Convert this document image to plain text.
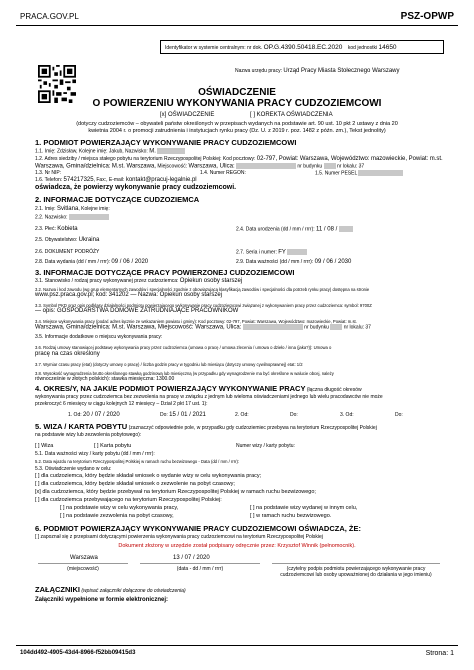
PRACA.GOV.PL	PSZ-OPWP
Identyfikator w systemie centralnym: nr dok. OP.G.4390.50418.EC.2020 kod jednostki 14650
Nazwa urzędu pracy: Urząd Pracy Miasta Stołecznego Warszawy
OŚWIADCZENIE
O POWIERZENIU WYKONYWANIA PRACY CUDZOZIEMCOWI
[x] OŚWIADCZENIE	[ ] KOREKTA OŚWIADCZENIA
(dotyczy cudzoziemców – obywateli państw określonych w przepisach wydanych na podstawie art. 90 ust. 10 pkt 2 ustawy z dnia 20
kwietnia 2004 r. o promocji zatrudnienia i instytucjach rynku pracy (Dz. U. z 2019 r. poz. 1482 z późn. zm.), Tekst jednolity)
1. PODMIOT POWIERZAJĄCY WYKONYWANIE PRACY CUDZOZIEMCOWI
1.1. Imię: Zdzisław, Kolejne imię: Jakub, Nazwisko: M.
1.2. Adres siedziby / miejsca stałego pobytu na terytorium Rzeczypospolitej Polskiej: Kod pocztowy: 02-797, Powiat: Warszawa, Województwo: mazowieckie, Powiat: m.st.
Warszawa, Gmina/dzielnica: M.st. Warszawa, Miejscowość: Warszawa, Ulica:	nr budynku	nr lokalu: 37
1.3. Nr NIP:	1.4. Numer REGON:	1.5. Numer PESEL
1.6. Telefon: 574217325, Fax:, E-mail: kontakt@pracuj-legalnie.pl
oświadcza, że powierzy wykonywanie pracy cudzoziemcowi.
2. INFORMACJE DOTYCZĄCE CUDZOZIEMCA
2.1. Imię: Svitlana, Kolejne imię:
2.2. Nazwisko:
2.3. Płeć: Kobieta	2.4. Data urodzenia (dd / mm / rrrr): 11 / 08 /
2.5. Obywatelstwo: Ukraina
2.6. DOKUMENT PODRÓŻY	2.7. Seria i numer: FY
2.8. Data wydania (dd / mm / rrrr): 09 / 06 / 2020	2.9. Data ważności (dd / mm / rrrr): 09 / 06 / 2030
3. INFORMACJE DOTYCZĄCE PRACY POWIERZONEJ CUDZOZIEMCOWI
3.1. Stanowisko / rodzaj pracy wykonywanej przez cudzoziemca: Opiekun osoby starszej
3.2. Nazwa i kod zawodu (wg grup elementarnych zawodów i specjalności zgodnie z obowiązującą klasyfikacją zawodów i specjalności dla potrzeb rynku pracy) dostępna na stronie
www.psz.praca.gov.pl; kod: 341202 — Nazwa: Opiekun osoby starszej
3.3. Symbol PKD oraz opis podklasy działalności podmiotu powierzającego wykonywanie pracy cudzoziemcowi związanej z wykonywaniem pracy przez cudzoziemca: symbol: 9700Z
— opis: GOSPODARSTWA DOMOWE ZATRUDNIAJĄCE PRACOWNIKÓW
3.4. Miejsce wykonywania pracy (podać adres łącznie ze wskazaniem powiatu i gminy): Kod pocztowy: 02-797, Powiat: Warszawa, Województwo: mazowieckie, Powiat: m.st.
Warszawa, Gmina/dzielnica: M.st. Warszawa, Miejscowość: Warszawa, Ulica:	nr budynku	nr lokalu: 37
3.5. Informacje dodatkowe o miejscu wykonywania pracy:
3.6. Rodzaj umowy stanowiącej podstawę wykonywania pracy przez cudzoziemca (umowa o pracę / umowa zlecenia / umowa o dzieło / inna (jaka?)): Umowa o
pracę na czas określony
3.7. Wymiar czasu pracy (etat) (dotyczy umowy o pracę) / liczba godzin pracy w tygodniu lub miesiącu (dotyczy umowy cywilnoprawnej) etat: 1/2
3.8. Wysokość wynagrodzenia brutto określonego stawką godzinową lub miesięczną (w przypadku gdy wynagrodzenie ma być określone w walucie obcej, należy
równocześnie w złotych polskich): stawka miesięczna: 1300.00
4. OKRES/Y, NA JAKI/E PODMIOT POWIERZAJĄCY WYKONYWANIE PRACY (łączna długość okresów
wykonywania pracy przez cudzoziemca bez zezwolenia na pracę w związku z jednym lub wieloma oświadczeniami jednego lub wielu pracodawców nie może
przekroczyć 6 miesięcy w ciągu kolejnych 12 miesięcy – Dział 2 pkt 17 ust. 1):
1. Od: 20 / 07 / 2020	Do: 15 / 01 / 2021	2. Od:	Do:	3. Od:	Do:
5. WIZA / KARTA POBYTU (zaznaczyć odpowiednie pole, w przypadku gdy cudzoziemiec przebywa na terytorium Rzeczypospolitej Polskiej
na podstawie wizy lub zezwolenia pobytowego):
[ ] Wiza	[ ] Karta pobytu	Numer wizy / karty pobytu:
5.1. Data ważności wizy / karty pobytu (dd / mm / rrrr):
5.2. Data wjazdu na terytorium Rzeczypospolitej Polskiej w ramach ruchu bezwizowego - Data (dd / mm / rrrr):
5.3. Oświadczenie wydano w celu:
[ ] dla cudzoziemca, który będzie składał wniosek o wydanie wizy w celu wykonywania pracy;
[ ] dla cudzoziemca, który będzie składał wniosek o zezwolenie na pobyt czasowy;
[x] dla cudzoziemca, który będzie przebywał na terytorium Rzeczypospolitej Polskiej w ramach ruchu bezwizowego;
[ ] dla cudzoziemca przebywającego na terytorium Rzeczypospolitej Polskiej:
[ ] na podstawie wizy w celu wykonywania pracy,	[ ] na podstawie wizy wydanej w innym celu,
[ ] na podstawie zezwolenia na pobyt czasowy,	[ ] w ramach ruchu bezwizowego.
6. PODMIOT POWIERZAJĄCY WYKONYWANIE PRACY CUDZOZIEMCOWI OŚWIADCZA, ŻE:
[ ] zapoznał się z przepisami dotyczącymi powierzenia wykonywania pracy cudzoziemcowi na terytorium Rzeczypospolitej Polskiej
Dokument złożony w urzędzie został podpisany odręcznie przez: Krzysztof Winnik (pełnomocnik).
Warszawa	13 / 07 / 2020
(miejscowość)	(data - dd / mm / rrrr)	(czytelny podpis podmiotu powierzającego wykonywanie pracy cudzoziemcowi lub osoby upoważnionej do działania w jego imieniu)
ZAŁĄCZNIKI (wpisać załączniki dołączone do oświadczenia)
Załączniki wypełnione w formie elektronicznej:
104dd492-4905-43d4-8966-f52bb09415d3	Strona: 1
